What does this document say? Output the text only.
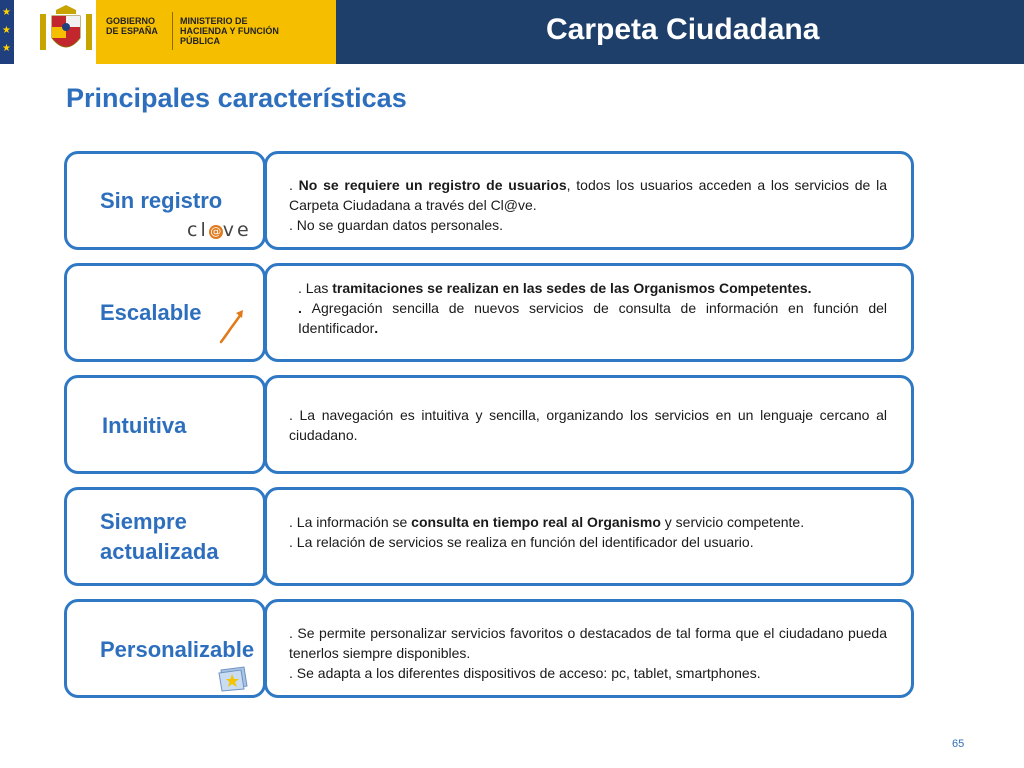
★
★
★
GOBIERNO DE ESPAÑA
MINISTERIO DE HACIENDA Y FUNCIÓN PÚBLICA	Carpeta Ciudadana
Principales características
Sin registro
cl @ve

. No se requiere un registro de usuarios, todos los usuarios acceden a los servicios de la Carpeta Ciudadana a través del Cl@ve.

. No se guardan datos personales.

Escalable

. Las tramitaciones se realizan en las sedes de las Organismos Competentes.

. Agregación sencilla de nuevos servicios de consulta de información en función del Identificador.

Intuitiva	. La navegación es intuitiva y sencilla, organizando los servicios en un lenguaje cercano al ciudadano.

Siempre
actualizada

. La información se consulta en tiempo real al Organismo y servicio competente.

. La relación de servicios se realiza en función del identificador del usuario.

Personalizable

. Se permite personalizar servicios favoritos o destacados de tal forma que el ciudadano pueda tenerlos siempre disponibles.

. Se adapta a los diferentes dispositivos de acceso: pc, tablet, smartphones.

65
